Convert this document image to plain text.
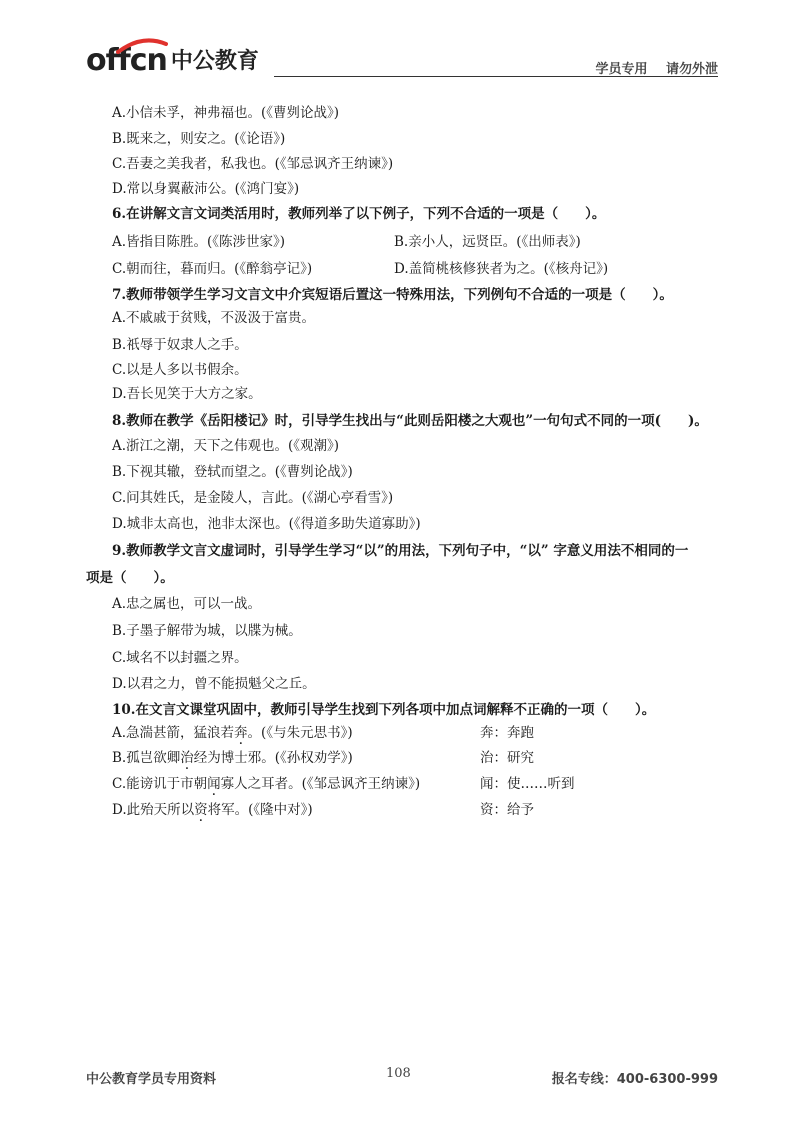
offcn 中公教育	学员专用 请勿外泄
A.小信未孚，神弗福也。(《曹刿论战》)
B.既来之，则安之。(《论语》)
C.吾妻之美我者，私我也。(《邹忌讽齐王纳谏》)
D.常以身翼蔽沛公。(《鸿门宴》)
6.在讲解文言文词类活用时，教师列举了以下例子，下列不合适的一项是（　　）。
A.皆指目陈胜。(《陈涉世家》)	B.亲小人，远贤臣。(《出师表》)
C.朝而往，暮而归。(《醉翁亭记》)	D.盖简桃核修狭者为之。(《核舟记》)
7.教师带领学生学习文言文中介宾短语后置这一特殊用法，下列例句不合适的一项是（　　）。
A.不戚戚于贫贱，不汲汲于富贵。
B.祇辱于奴隶人之手。
C.以是人多以书假余。
D.吾长见笑于大方之家。
8.教师在教学《岳阳楼记》时，引导学生找出与“此则岳阳楼之大观也”一句句式不同的一项(　　)。
A.浙江之潮，天下之伟观也。(《观潮》)
B.下视其辙，登轼而望之。(《曹刿论战》)
C.问其姓氏，是金陵人，言此。(《湖心亭看雪》)
D.城非太高也，池非太深也。(《得道多助失道寡助》)
9.教师教学文言文虚词时，引导学生学习“以”的用法，下列句子中，“以” 字意义用法不相同的一
项是（　　）。
A.忠之属也，可以一战。
B.子墨子解带为城，以牒为械。
C.域名不以封疆之界。
D.以君之力，曾不能损魁父之丘。
10.在文言文课堂巩固中，教师引导学生找到下列各项中加点词解释不正确的一项（　　）。
A.急湍甚箭，猛浪若奔。(《与朱元思书》)	奔：奔跑
B.孤岂欲卿治经为博士邪。(《孙权劝学》)	治：研究
C.能谤讥于市朝闻寡人之耳者。(《邹忌讽齐王纳谏》)	闻：使……听到
D.此殆天所以资将军。(《隆中对》)	资：给予
中公教育学员专用资料	108	报名专线：400-6300-999
